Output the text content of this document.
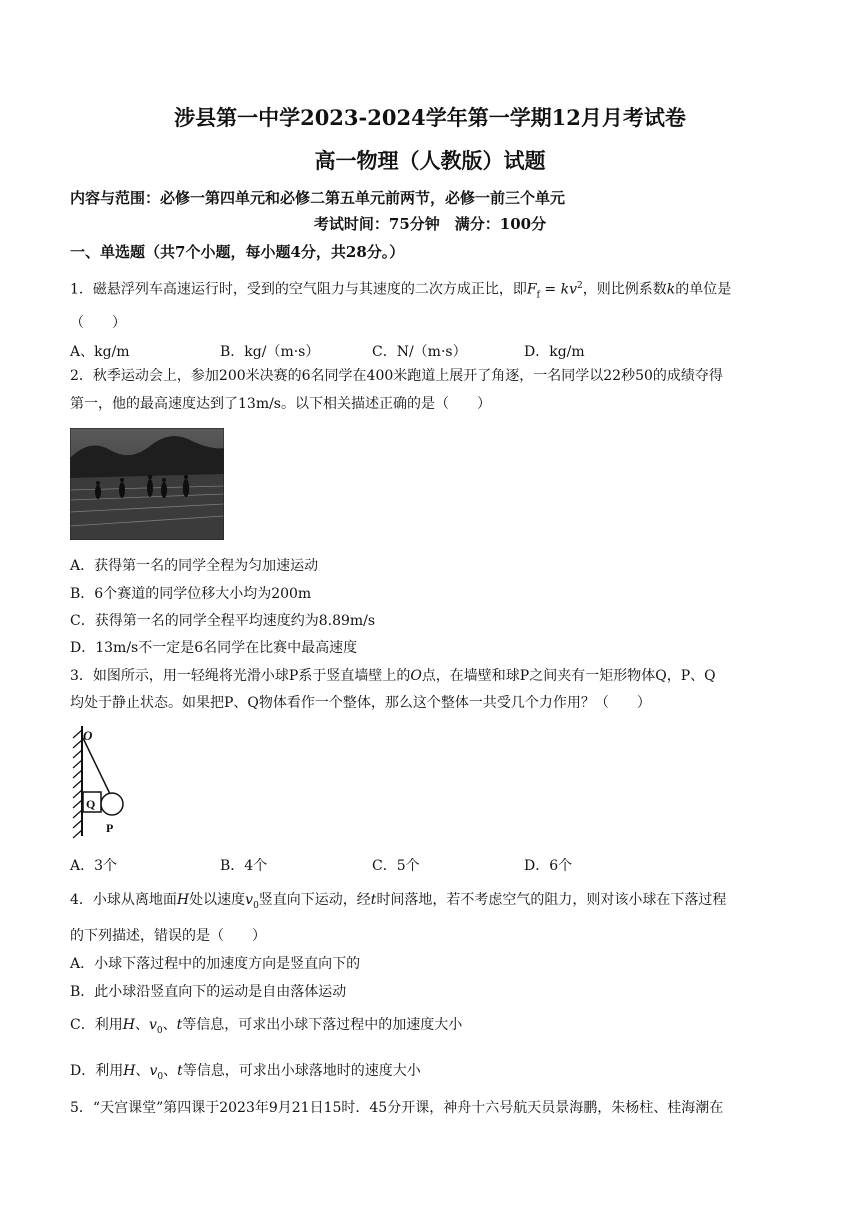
涉县第一中学2023-2024学年第一学期12月月考试卷
高一物理（人教版）试题
内容与范围：必修一第四单元和必修二第五单元前两节，必修一前三个单元
考试时间：75分钟　满分：100分
一、单选题（共7个小题，每小题4分，共28分。）
1．磁悬浮列车高速运行时，受到的空气阻力与其速度的二次方成正比，即$F_f = kv^2$，则比例系数k的单位是
（　　）
A、kg/m	B．kg/（m·s）	C．N/（m·s）	D．kg/m
2．秋季运动会上，参加200米决赛的6名同学在400米跑道上展开了角逐，一名同学以22秒50的成绩夺得
第一，他的最高速度达到了13m/s。以下相关描述正确的是（　　）
A．获得第一名的同学全程为匀加速运动
B．6个赛道的同学位移大小均为200m
C．获得第一名的同学全程平均速度约为8.89m/s
D．13m/s不一定是6名同学在比赛中最高速度
3．如图所示，用一轻绳将光滑小球P系于竖直墙壁上的O点，在墙壁和球P之间夹有一矩形物体Q，P、Q
均处于静止状态。如果把P、Q物体看作一个整体，那么这个整体一共受几个力作用？（　　）
O
Q
P
A．3个	B．4个	C．5个	D．6个
4．小球从离地面H处以速度$v_0$竖直向下运动，经t时间落地，若不考虑空气的阻力，则对该小球在下落过程
的下列描述，错误的是（　　）
A．小球下落过程中的加速度方向是竖直向下的
B．此小球沿竖直向下的运动是自由落体运动
C．利用H、$v_0$、t等信息，可求出小球下落过程中的加速度大小
D．利用H、$v_0$、t等信息，可求出小球落地时的速度大小
5．“天宫课堂”第四课于2023年9月21日15时．45分开课，神舟十六号航天员景海鹏，朱杨柱、桂海潮在
